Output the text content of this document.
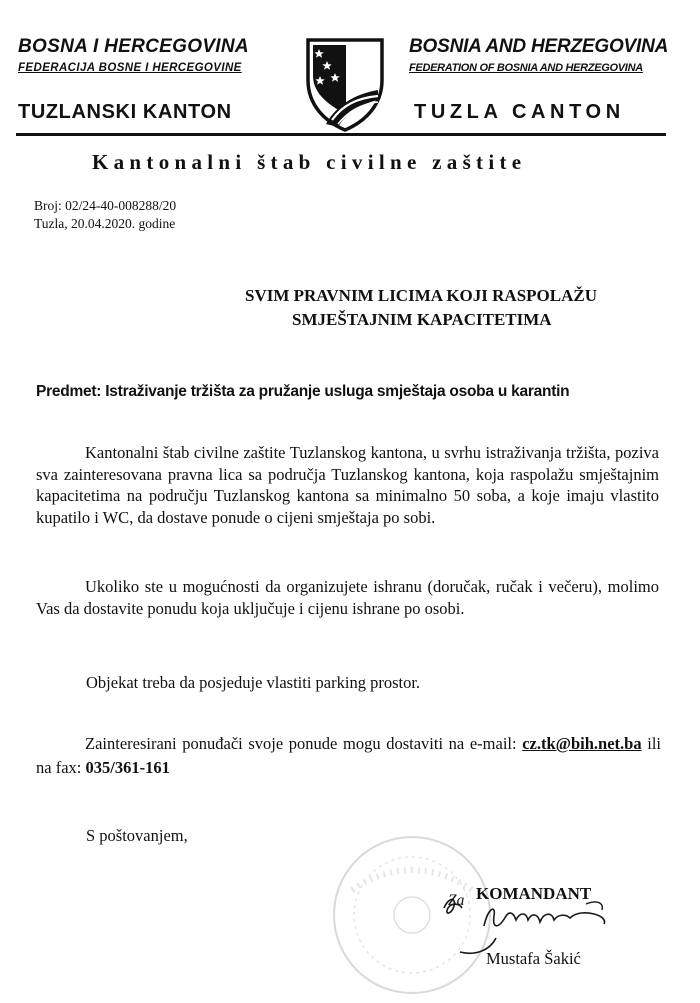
BOSNA I HERCEGOVINA
FEDERACIJA BOSNE I HERCEGOVINE
TUZLANSKI KANTON
BOSNIA AND HERZEGOVINA
FEDERATION OF BOSNIA AND HERZEGOVINA
TUZLA CANTON
Kantonalni štab civilne zaštite
Broj: 02/24-40-008288/20
Tuzla, 20.04.2020. godine
SVIM PRAVNIM LICIMA KOJI RASPOLAŽU
SMJEŠTAJNIM KAPACITETIMA
Predmet: Istraživanje tržišta za pružanje usluga smještaja osoba u karantin
Kantonalni štab civilne zaštite Tuzlanskog kantona, u svrhu istraživanja tržišta, poziva sva zainteresovana pravna lica sa područja Tuzlanskog kantona, koja raspolažu smještajnim kapacitetima na području Tuzlanskog kantona sa minimalno 50 soba, a koje imaju vlastito kupatilo i WC, da dostave ponude o cijeni smještaja po sobi.
Ukoliko ste u mogućnosti da organizujete ishranu (doručak, ručak i večeru), molimo Vas da dostavite ponudu koja uključuje i cijenu ishrane po osobi.
Objekat treba da posjeduje vlastiti parking prostor.
Zainteresirani ponuđači svoje ponude mogu dostaviti na e-mail: cz.tk@bih.net.ba ili na fax: 035/361-161
S poštovanjem,
Za KOMANDANT
Mustafa Šakić
